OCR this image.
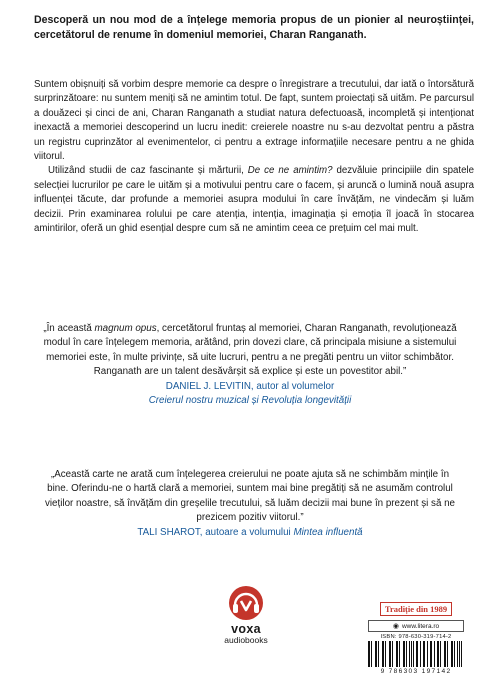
Descoperă un nou mod de a înțelege memoria propus de un pionier al neuroștiinței, cercetătorul de renume în domeniul memoriei, Charan Ranganath.

Suntem obișnuiți să vorbim despre memorie ca despre o înregistrare a trecutului, dar iată o întorsătură surprinzătoare: nu suntem meniți să ne amintim totul. De fapt, suntem proiectați să uităm. Pe parcursul a douăzeci și cinci de ani, Charan Ranganath a studiat natura defectuoasă, incompletă și intenționat inexactă a memoriei descoperind un lucru inedit: creierele noastre nu s-au dezvoltat pentru a păstra un registru cuprinzător al evenimentelor, ci pentru a extrage informațiile necesare pentru a ne ghida viitorul.

Utilizând studii de caz fascinante și mărturii, De ce ne amintim? dezvăluie principiile din spatele selecției lucrurilor pe care le uităm și a motivului pentru care o facem, și aruncă o lumină nouă asupra influenței tăcute, dar profunde a memoriei asupra modului în care învățăm, ne vindecăm și luăm decizii. Prin examinarea rolului pe care atenția, intenția, imaginația și emoția îl joacă în stocarea amintirilor, oferă un ghid esențial despre cum să ne amintim ceea ce prețuim cel mai mult.

„În această magnum opus, cercetătorul fruntaș al memoriei, Charan Ranganath, revoluționează modul în care înțelegem memoria, arătând, prin dovezi clare, că principala misiune a sistemului memoriei este, în multe privințe, să uite lucruri, pentru a ne pregăti pentru un viitor schimbător. Ranganath are un talent desăvârșit să explice și este un povestitor abil.”
DANIEL J. LEVITIN, autor al volumelor
Creierul nostru muzical și Revoluția longevității
„Această carte ne arată cum înțelegerea creierului ne poate ajuta să ne schimbăm mințile în bine. Oferindu-ne o hartă clară a memoriei, suntem mai bine pregătiți să ne asumăm controlul vieților noastre, să învățăm din greșelile trecutului, să luăm decizii mai bune în prezent și să ne prezicem pozitiv viitorul.”
TALI SHAROT, autoare a volumului Mintea influentă
voxa
audiobooks
Tradiție din 1989
◉ www.litera.ro
ISBN: 978-630-319-714-2
9 786303 197142
